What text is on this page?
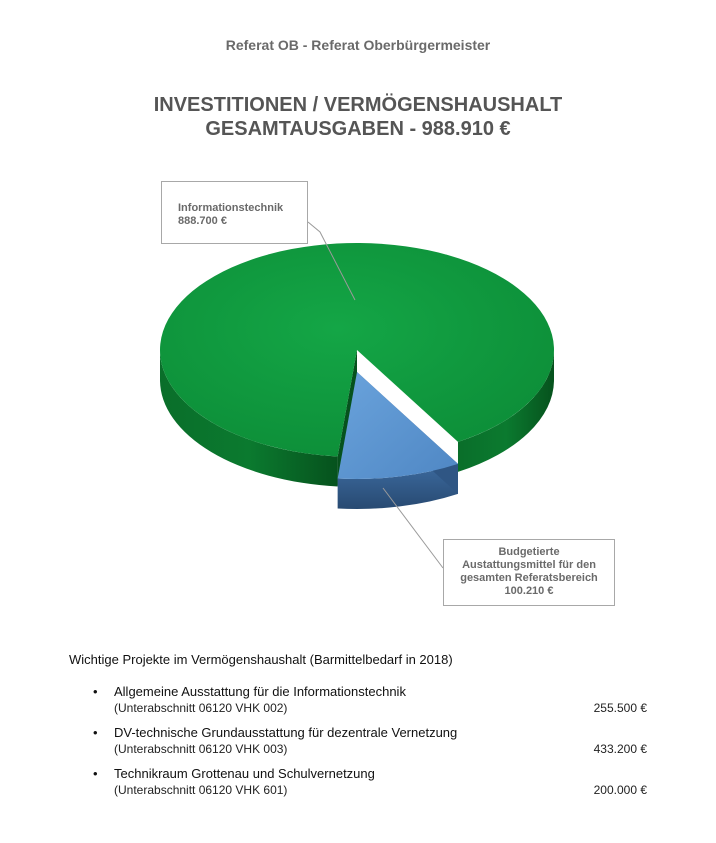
Referat OB - Referat Oberbürgermeister
INVESTITIONEN / VERMÖGENSHAUSHALT
GESAMTAUSGABEN - 988.910 €
Informationstechnik
888.700 €
Budgetierte
Austattungsmittel für den
gesamten Referatsbereich
100.210 €
Wichtige Projekte im Vermögenshaushalt (Barmittelbedarf in 2018)
• Allgemeine Ausstattung für die Informationstechnik
(Unterabschnitt 06120 VHK 002)	255.500 €
• DV-technische Grundausstattung für dezentrale Vernetzung
(Unterabschnitt 06120 VHK 003)	433.200 €
• Technikraum Grottenau und Schulvernetzung
(Unterabschnitt 06120 VHK 601)	200.000 €
